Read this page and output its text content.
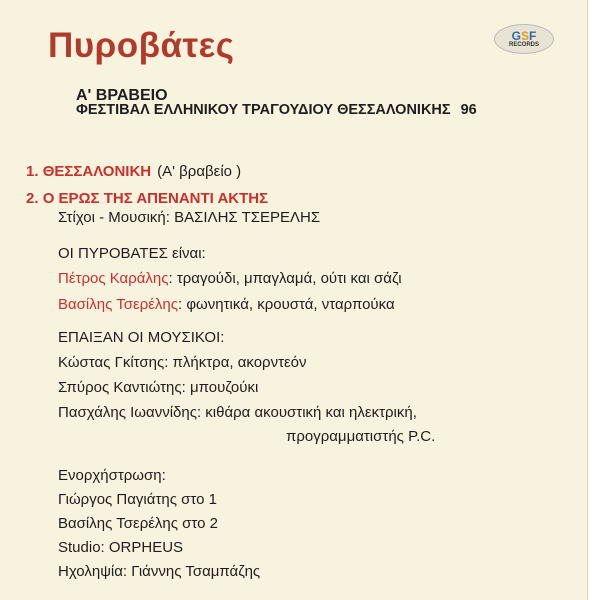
GSF
RECORDS
Πυροβάτες
Α' ΒΡΑΒΕΙΟ
ΦΕΣΤΙΒΑΛ ΕΛΛΗΝΙΚΟΥ ΤΡΑΓΟΥΔΙΟΥ ΘΕΣΣΑΛΟΝΙΚΗΣ 96
1. ΘΕΣΣΑΛΟΝΙΚΗ (Α' βραβείο )
2. Ο ΕΡΩΣ ΤΗΣ ΑΠΕΝΑΝΤΙ ΑΚΤΗΣ
Στίχοι - Μουσική: ΒΑΣΙΛΗΣ ΤΣΕΡΕΛΗΣ
ΟΙ ΠΥΡΟΒΑΤΕΣ είναι:
Πέτρος Καράλης: τραγούδι, μπαγλαμά, ούτι και σάζι
Βασίλης Τσερέλης: φωνητικά, κρουστά, νταρπούκα
ΕΠΑΙΞΑΝ ΟΙ ΜΟΥΣΙΚΟΙ:
Κώστας Γκίτσης: πλήκτρα, ακορντεόν
Σπύρος Καντιώτης: μπουζούκι
Πασχάλης Ιωαννίδης: κιθάρα ακουστική και ηλεκτρική,
προγραμματιστής P.C.
Ενορχήστρωση:
Γιώργος Παγιάτης στο 1
Βασίλης Τσερέλης στο 2
Studio: ORPHEUS
Ηχοληψία: Γιάννης Τσαμπάζης
